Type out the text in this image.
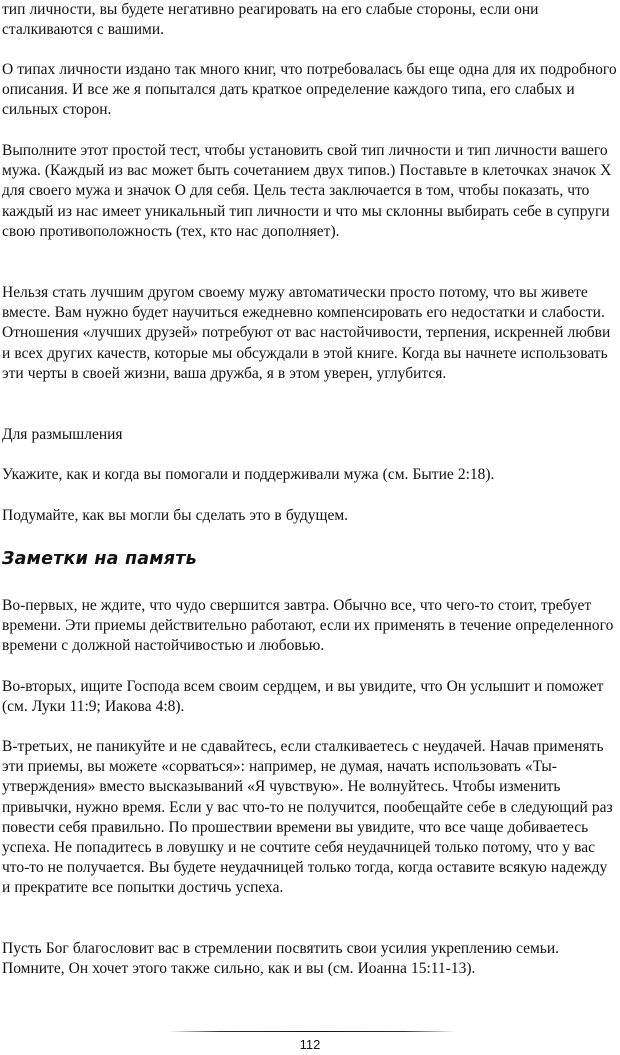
тип личности, вы будете негативно реагировать на его слабые стороны, если они сталкиваются с вашими.

О типах личности издано так много книг, что потребовалась бы еще одна для их подробного описания. И все же я попытался дать краткое определение каждого типа, его слабых и сильных сторон.

Выполните этот простой тест, чтобы установить свой тип личности и тип личности вашего мужа. (Каждый из вас может быть сочетанием двух типов.) Поставьте в клеточках значок X для своего мужа и значок O для себя. Цель теста заключается в том, чтобы показать, что каждый из нас имеет уникальный тип личности и что мы склонны выбирать себе в супруги свою противоположность (тех, кто нас дополняет).

Нельзя стать лучшим другом своему мужу автоматически просто потому, что вы живете вместе. Вам нужно будет научиться ежедневно компенсировать его недостатки и слабости. Отношения «лучших друзей» потребуют от вас настойчивости, терпения, искренней любви и всех других качеств, которые мы обсуждали в этой книге. Когда вы начнете использовать эти черты в своей жизни, ваша дружба, я в этом уверен, углубится.

Для размышления

Укажите, как и когда вы помогали и поддерживали мужа (см. Бытие 2:18).

Подумайте, как вы могли бы сделать это в будущем.

Заметки на память

Во-первых, не ждите, что чудо свершится завтра. Обычно все, что чего-то стоит, требует времени. Эти приемы действительно работают, если их применять в течение определенного времени с должной настойчивостью и любовью.

Во-вторых, ищите Господа всем своим сердцем, и вы увидите, что Он услышит и поможет (см. Луки 11:9; Иакова 4:8).

В-третьих, не паникуйте и не сдавайтесь, если сталкиваетесь с неудачей. Начав применять эти приемы, вы можете «сорваться»: например, не думая, начать использовать «Ты-утверждения» вместо высказываний «Я чувствую». Не волнуйтесь. Чтобы изменить привычки, нужно время. Если у вас что-то не получится, пообещайте себе в следующий раз повести себя правильно. По прошествии времени вы увидите, что все чаще добиваетесь успеха. Не попадитесь в ловушку и не сочтите себя неудачницей только потому, что у вас что-то не получается. Вы будете неудачницей только тогда, когда оставите всякую надежду и прекратите все попытки достичь успеха.

Пусть Бог благословит вас в стремлении посвятить свои усилия укреплению семьи. Помните, Он хочет этого также сильно, как и вы (см. Иоанна 15:11-13).

112
